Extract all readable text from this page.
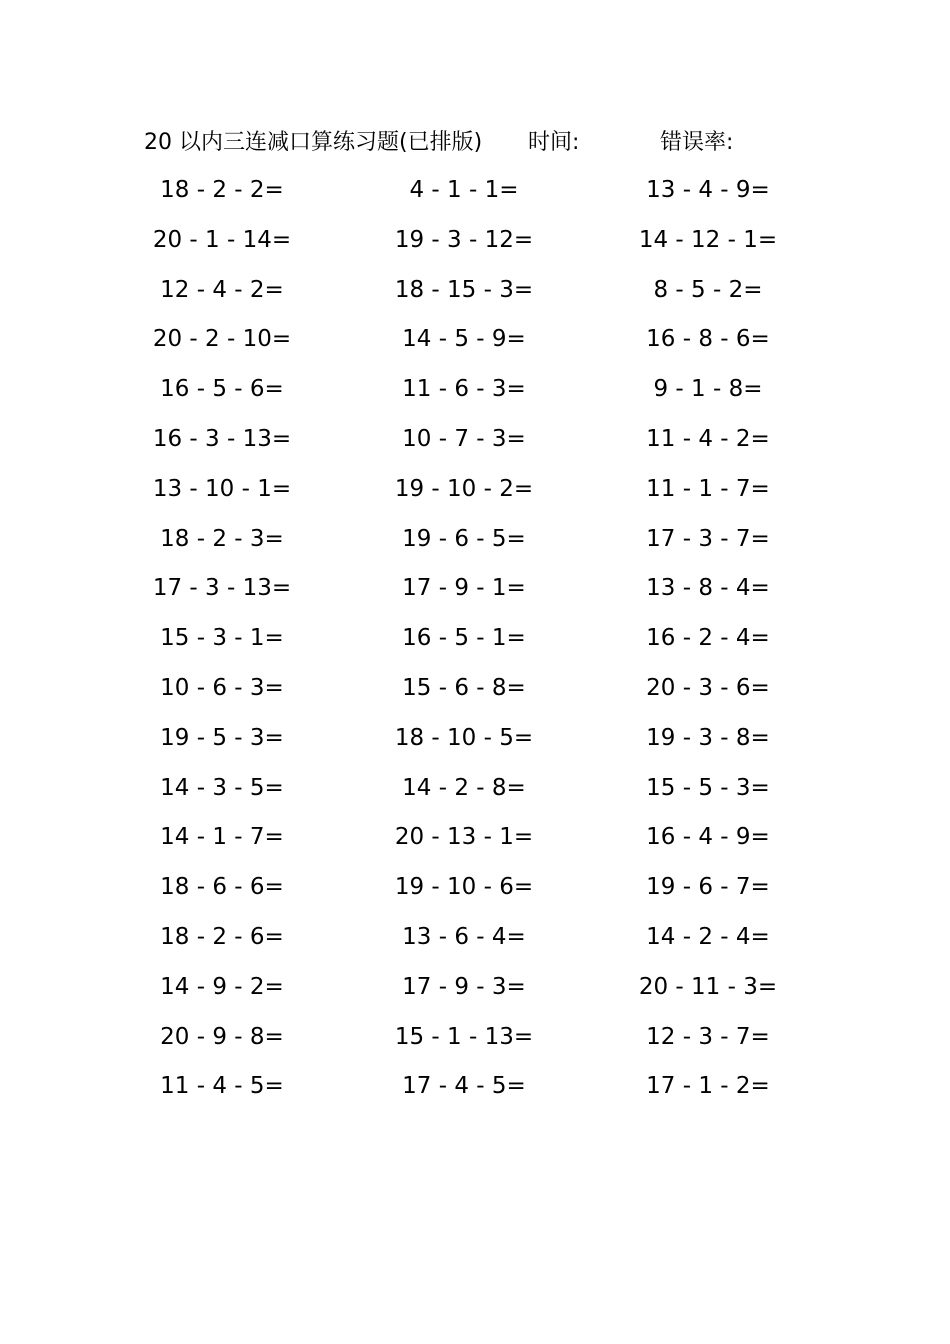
20 以内三连减口算练习题(已排版) 时间:	错误率:
18 - 2 - 2=	4 - 1 - 1=	13 - 4 - 9=
20 - 1 - 14=	19 - 3 - 12=	14 - 12 - 1=
12 - 4 - 2=	18 - 15 - 3=	8 - 5 - 2=
20 - 2 - 10=	14 - 5 - 9=	16 - 8 - 6=
16 - 5 - 6=	11 - 6 - 3=	9 - 1 - 8=
16 - 3 - 13=	10 - 7 - 3=	11 - 4 - 2=
13 - 10 - 1=	19 - 10 - 2=	11 - 1 - 7=
18 - 2 - 3=	19 - 6 - 5=	17 - 3 - 7=
17 - 3 - 13=	17 - 9 - 1=	13 - 8 - 4=
15 - 3 - 1=	16 - 5 - 1=	16 - 2 - 4=
10 - 6 - 3=	15 - 6 - 8=	20 - 3 - 6=
19 - 5 - 3=	18 - 10 - 5=	19 - 3 - 8=
14 - 3 - 5=	14 - 2 - 8=	15 - 5 - 3=
14 - 1 - 7=	20 - 13 - 1=	16 - 4 - 9=
18 - 6 - 6=	19 - 10 - 6=	19 - 6 - 7=
18 - 2 - 6=	13 - 6 - 4=	14 - 2 - 4=
14 - 9 - 2=	17 - 9 - 3=	20 - 11 - 3=
20 - 9 - 8=	15 - 1 - 13=	12 - 3 - 7=
11 - 4 - 5=	17 - 4 - 5=	17 - 1 - 2=
